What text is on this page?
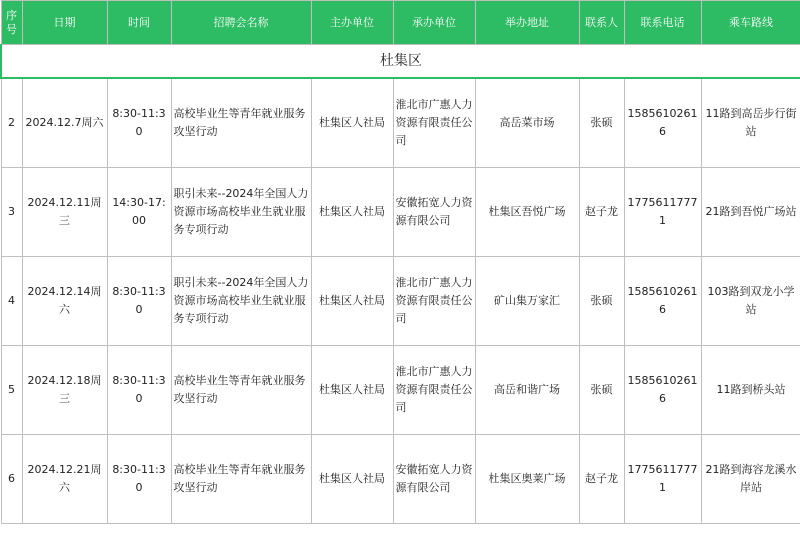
序号	日期	时间	招聘会名称	主办单位	承办单位	举办地址	联系人	联系电话	乘车路线
杜集区									
2	2024.12.7周六	8:30-11:30	高校毕业生等青年就业服务攻坚行动	杜集区人社局	淮北市广惠人力资源有限责任公司	高岳菜市场	张硕	15856102616	11路到高岳步行街站
3	2024.12.11周三	14:30-17:00	职引未来--2024年全国人力资源市场高校毕业生就业服务专项行动	杜集区人社局	安徽拓宽人力资源有限公司	杜集区吾悦广场	赵子龙	17756117771	21路到吾悦广场站
4	2024.12.14周六	8:30-11:30	职引未来--2024年全国人力资源市场高校毕业生就业服务专项行动	杜集区人社局	淮北市广惠人力资源有限责任公司	矿山集万家汇	张硕	15856102616	103路到双龙小学站
5	2024.12.18周三	8:30-11:30	高校毕业生等青年就业服务攻坚行动	杜集区人社局	淮北市广惠人力资源有限责任公司	高岳和谐广场	张硕	15856102616	11路到桥头站
6	2024.12.21周六	8:30-11:30	高校毕业生等青年就业服务攻坚行动	杜集区人社局	安徽拓宽人力资源有限公司	杜集区奥莱广场	赵子龙	17756117771	21路到海容龙溪水岸站
